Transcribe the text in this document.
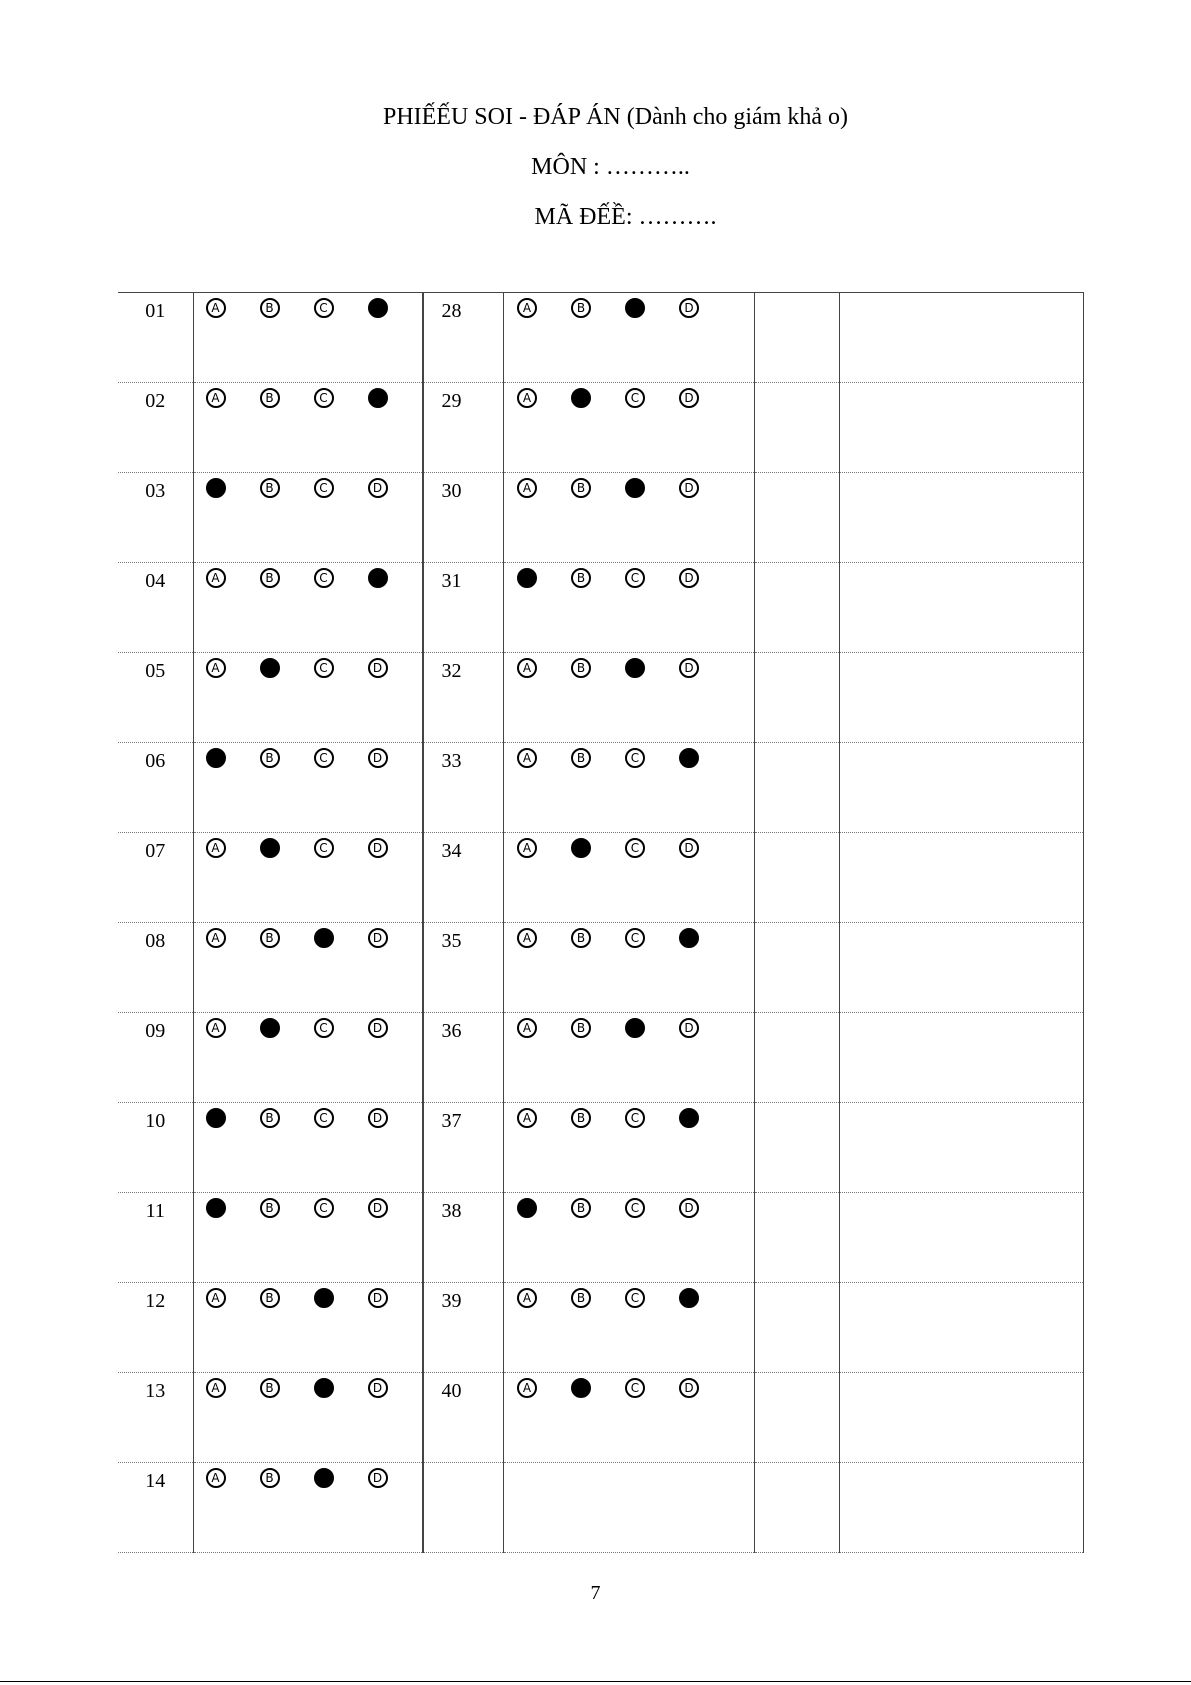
PHIẾẾU SOI - ĐÁP ÁN (Dành cho giám khả o)
MÔN : ………..
MÃ ĐẾỀ: ……….
01	A B C	28	A B D		

02	A B C	29	A C D		

03	B C D	30	A B D		

04	A B C	31	B C D		

05	A C D	32	A B D		

06	B C D	33	A B C		

07	A C D	34	A C D		

08	A B D	35	A B C		

09	A C D	36	A B D		

10	B C D	37	A B C		

11	B C D	38	B C D		

12	A B D	39	A B C		

13	A B D	40	A C D		

14	A B D				

7
